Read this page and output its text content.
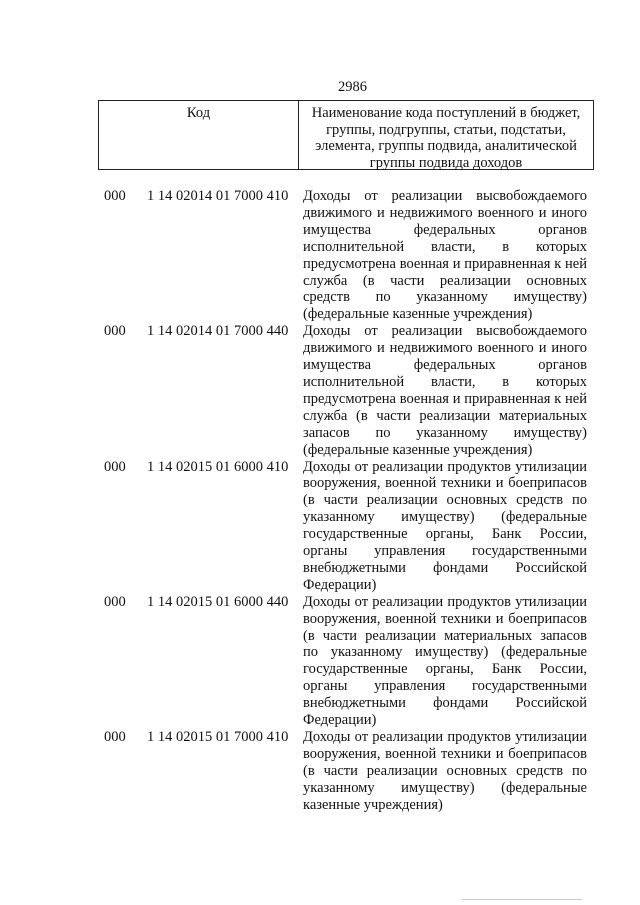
2986
Код	Наименование кода поступлений в бюджет, группы, подгруппы, статьи, подстатьи, элемента, группы подвида, аналитической группы подвида доходов
000 1 14 02014 01 7000 410 Доходы от реализации высвобождаемого движимого и недвижимого военного и иного имущества федеральных органов исполнительной власти, в которых предусмотрена военная и приравненная к ней служба (в части реализации основных средств по указанному имуществу) (федеральные казенные учреждения)
000 1 14 02014 01 7000 440 Доходы от реализации высвобождаемого движимого и недвижимого военного и иного имущества федеральных органов исполнительной власти, в которых предусмотрена военная и приравненная к ней служба (в части реализации материальных запасов по указанному имуществу) (федеральные казенные учреждения)
000 1 14 02015 01 6000 410 Доходы от реализации продуктов утилизации вооружения, военной техники и боеприпасов (в части реализации основных средств по указанному имуществу) (федеральные государственные органы, Банк России, органы управления государственными внебюджетными фондами Российской Федерации)
000 1 14 02015 01 6000 440 Доходы от реализации продуктов утилизации вооружения, военной техники и боеприпасов (в части реализации материальных запасов по указанному имуществу) (федеральные государственные органы, Банк России, органы управления государственными внебюджетными фондами Российской Федерации)
000 1 14 02015 01 7000 410 Доходы от реализации продуктов утилизации вооружения, военной техники и боеприпасов (в части реализации основных средств по указанному имуществу) (федеральные казенные учреждения)
